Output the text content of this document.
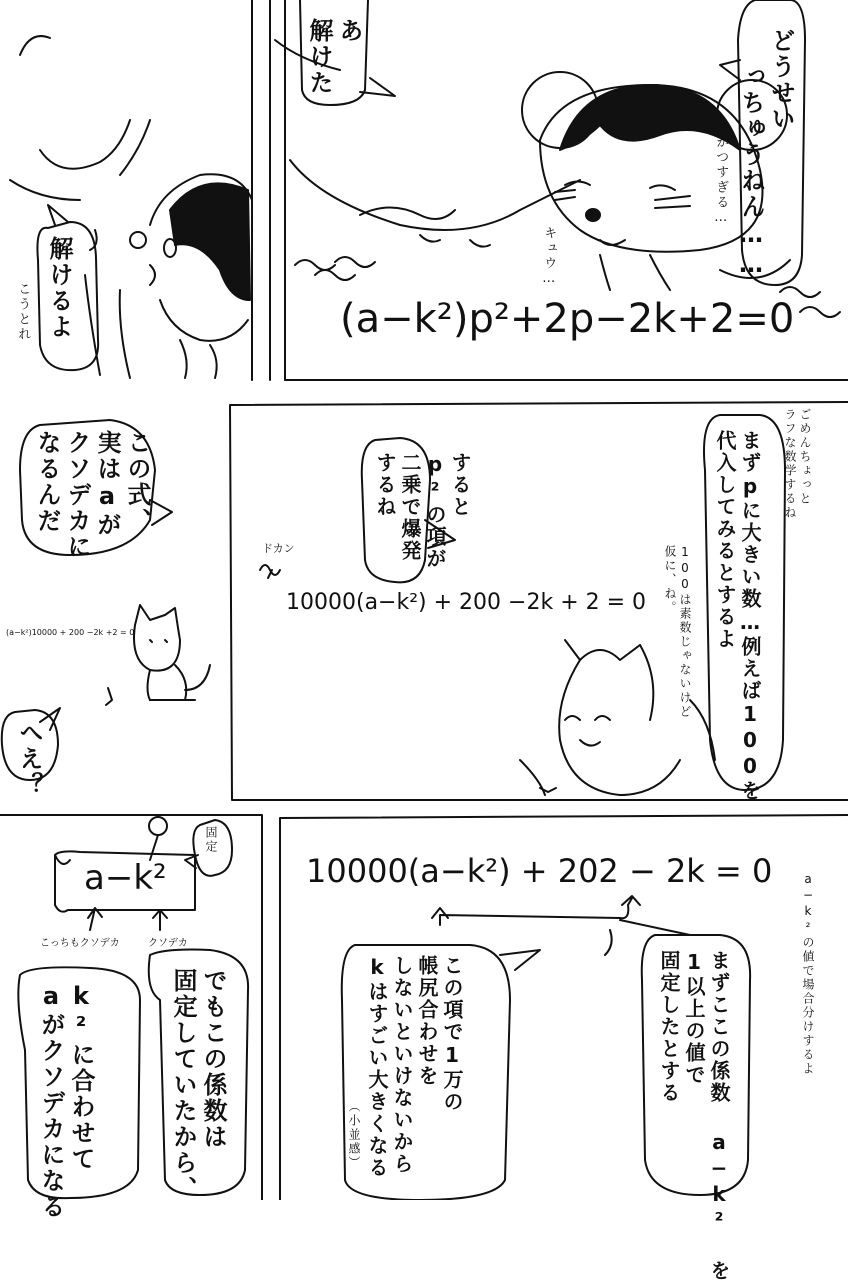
解けるよ

こうとれ

あ
解けた	どうせい

っちゅうねん……

いかつすぎる…

キュウ…

(a−k²)p²+2p−2k+2=0

この式、
実はaが
クソデカに
なるんだ

(a−k²)10000 + 200 −2k +2 = 0

へえ？

ごめんちょっと
ラフな数学するね

まずpに大きい数…例えば100を
代入してみるとするよ

100は素数じゃないけど
仮に、ね。

すると
p²の項が
二乗で爆発
するね

ドカン

10000(a−k²) + 200 −2k + 2 = 0

a−k²

固定

こっちもクソデカ	クソデカ

でもこの係数は
固定していたから、

k²に合わせて
aがクソデカになる

10000(a−k²) + 202 − 2k = 0

a−k²の値で場合分けするよ

まずここの係数 a−k² を
1以上の値で
固定したとする

この項で1万の
帳尻合わせを
しないといけないから
kはすごい大きくなる

（小並感）
